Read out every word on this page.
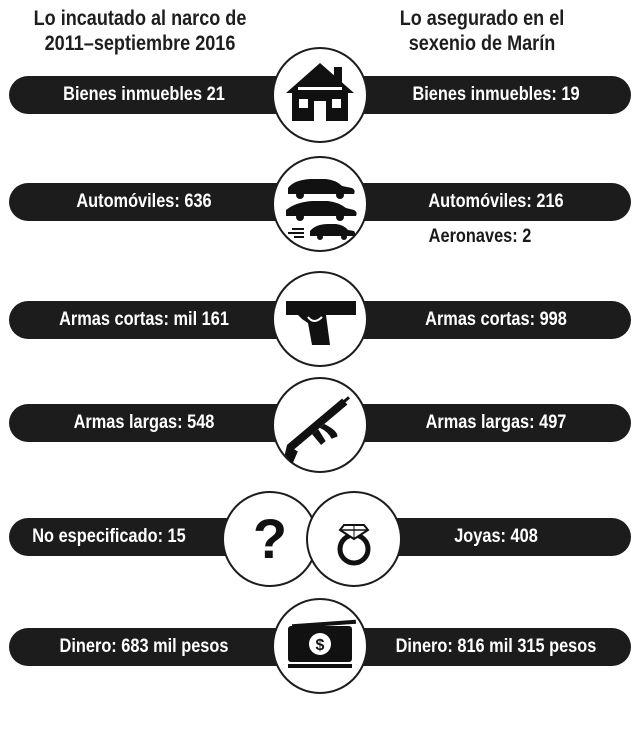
Lo incautado al narco de
2011–septiembre 2016
Lo asegurado en el
sexenio de Marín
Bienes inmuebles 21	Bienes inmuebles: 19
Automóviles: 636	Automóviles: 216
Aeronaves: 2
Armas cortas: mil 161	Armas cortas: 998
Armas largas: 548	Armas largas: 497
No especificado: 15	Joyas: 408
?
Dinero: 683 mil pesos	Dinero: 816 mil 315 pesos
$
